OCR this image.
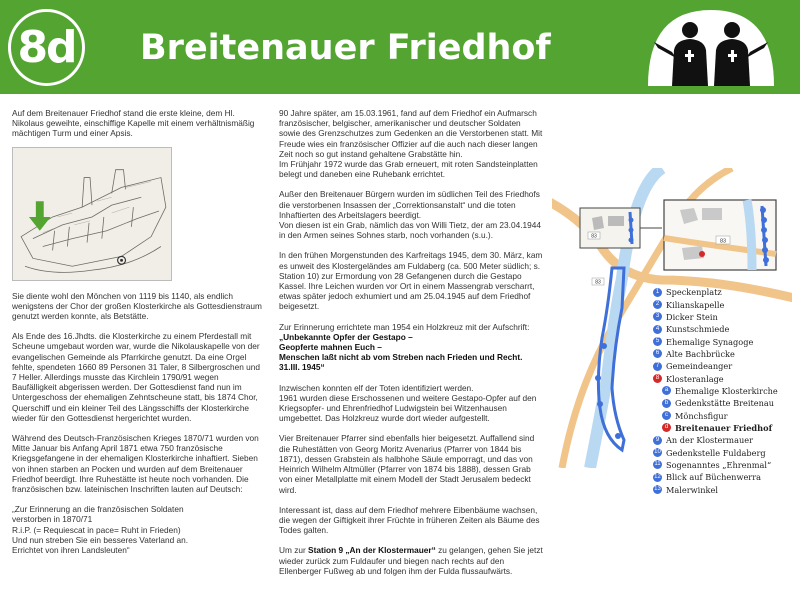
8d Breitenauer Friedhof

Auf dem Breitenauer Friedhof stand die erste kleine, dem Hl. Nikolaus geweihte, einschiffige Kapelle mit einem verhältnismäßig mächtigen Turm und einer Apsis.

Sie diente wohl den Mönchen von 1119 bis 1140, als endlich wenigstens der Chor der großen Klosterkirche als Gottesdienstraum genutzt werden konnte, als Betstätte.

Als Ende des 16.Jhdts. die Klosterkirche zu einem Pferdestall mit Scheune umgebaut worden war, wurde die Nikolauskapelle von der evangelischen Gemeinde als Pfarrkirche genutzt. Da eine Orgel fehlte, spendeten 1660 89 Personen 31 Taler, 8 Silbergroschen und 7 Heller. Allerdings musste das Kirchlein 1790/91 wegen Baufälligkeit abgerissen werden. Der Gottesdienst fand nun im Untergeschoss der ehemaligen Zehntscheune statt, bis 1874 Chor, Querschiff und ein kleiner Teil des Längsschiffs der Klosterkirche wieder für den Gottesdienst hergerichtet wurden.

Während des Deutsch-Französischen Krieges 1870/71 wurden von Mitte Januar bis Anfang April 1871 etwa 750 französische Kriegsgefangene in der ehemaligen Klosterkirche inhaftiert. Sieben von ihnen starben an Pocken und wurden auf dem Breitenauer Friedhof beerdigt. Ihre Ruhestätte ist heute noch vorhanden. Die französischen bzw. lateinischen Inschriften lauten auf Deutsch:

„Zur Erinnerung an die französischen Soldaten
verstorben in 1870/71
R.i.P. (= Requiescat in pace= Ruht in Frieden)
Und nun streben Sie ein besseres Vaterland an.
Errichtet von ihren Landsleuten“

90 Jahre später, am 15.03.1961, fand auf dem Friedhof ein Aufmarsch französischer, belgischer, amerikanischer und deutscher Soldaten sowie des Grenzschutzes zum Gedenken an die Verstorbenen statt. Mit Freude wies ein französischer Offizier auf die auch nach dieser langen Zeit noch so gut instand gehaltene Grabstätte hin.
Im Frühjahr 1972 wurde das Grab erneuert, mit roten Sandsteinplatten belegt und daneben eine Ruhebank errichtet.

Außer den Breitenauer Bürgern wurden im südlichen Teil des Friedhofs die verstorbenen Insassen der „Correktionsanstalt“ und die toten Inhaftierten des Arbeitslagers beerdigt.
Von diesen ist ein Grab, nämlich das von Willi Tietz, der am 23.04.1944 in den Armen seines Sohnes starb, noch vorhanden (s.u.).

In den frühen Morgenstunden des Karfreitags 1945, dem 30. März, kam es unweit des Klostergeländes am Fuldaberg (ca. 500 Meter südlich; s. Station 10) zur Ermordung von 28 Gefangenen durch die Gestapo Kassel. Ihre Leichen wurden vor Ort in einem Massengrab verscharrt, etwas später jedoch exhumiert und am 25.04.1945 auf dem Friedhof beigesetzt.

Zur Erinnerung errichtete man 1954 ein Holzkreuz mit der Aufschrift:
„Unbekannte Opfer der Gestapo –
Geopferte mahnen Euch –
Menschen laßt nicht ab vom Streben nach Frieden und Recht.
31.III. 1945“

Inzwischen konnten elf der Toten identifiziert werden.
1961 wurden diese Erschossenen und weitere Gestapo-Opfer auf den Kriegsopfer- und Ehrenfriedhof Ludwigstein bei Witzenhausen umgebettet. Das Holzkreuz wurde dort wieder aufgestellt.

Vier Breitenauer Pfarrer sind ebenfalls hier beigesetzt. Auffallend sind die Ruhestätten von Georg Moritz Avenarius (Pfarrer von 1844 bis 1871), dessen Grabstein als halbhohe Säule emporragt, und das von Heinrich Wilhelm Altmüller (Pfarrer von 1874 bis 1888), dessen Grab von einer Metallplatte mit einem Modell der Stadt Jerusalem bedeckt wird.

Interessant ist, dass auf dem Friedhof mehrere Eibenbäume wachsen, die wegen der Giftigkeit ihrer Früchte in früheren Zeiten als Bäume des Todes galten.

Um zur Station 9 „An der Klostermauer“ zu gelangen, gehen Sie jetzt wieder zurück zum Fuldaufer und biegen nach rechts auf den Ellenberger Fußweg ab und folgen ihm der Fulda flussaufwärts.

83
83
83
1 Speckenplatz
2 Kilianskapelle
3 Dicker Stein
4 Kunstschmiede
5 Ehemalige Synagoge
6 Alte Bachbrücke
7 Gemeindeanger
8 Klosteranlage
a Ehemalige Klosterkirche
b Gedenkstätte Breitenau
c Mönchsfigur
d Breitenauer Friedhof
9 An der Klostermauer
10 Gedenkstelle Fuldaberg
11 Sogenanntes „Ehrenmal“
12 Blick auf Büchenwerra
13 Malerwinkel
